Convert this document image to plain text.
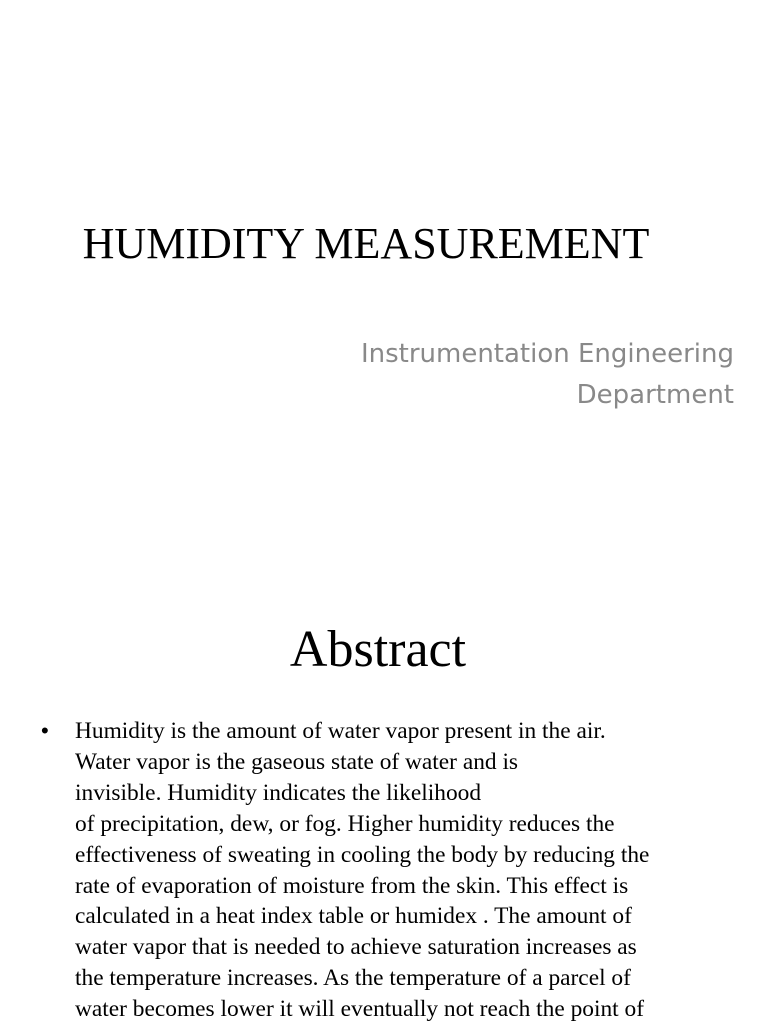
HUMIDITY MEASUREMENT
Instrumentation Engineering
Department
Abstract
• Humidity is the amount of water vapor present in the air.
Water vapor is the gaseous state of water and is
invisible. Humidity indicates the likelihood
of precipitation, dew, or fog. Higher humidity reduces the
effectiveness of sweating in cooling the body by reducing the
rate of evaporation of moisture from the skin. This effect is
calculated in a heat index table or humidex . The amount of
water vapor that is needed to achieve saturation increases as
the temperature increases. As the temperature of a parcel of
water becomes lower it will eventually not reach the point of
